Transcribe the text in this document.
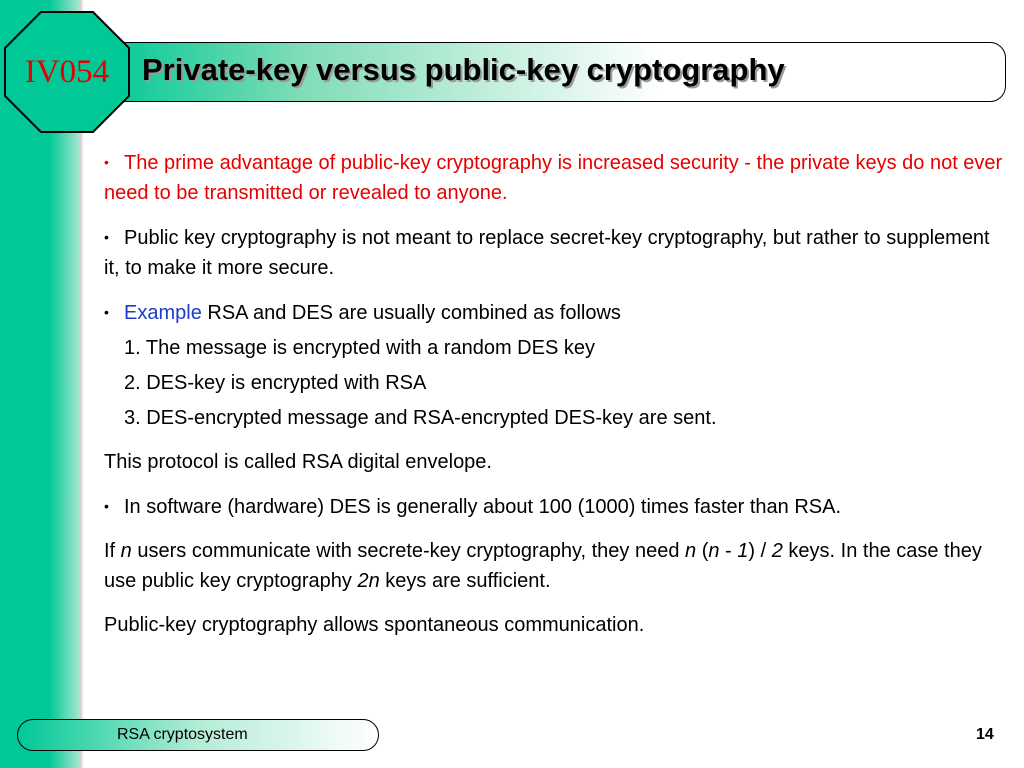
Private-key versus public-key cryptography
IV054
• The prime advantage of public-key cryptography is increased security - the private keys do not ever need to be transmitted or revealed to anyone.
• Public key cryptography is not meant to replace secret-key cryptography, but rather to supplement it, to make it more secure.
• Example RSA and DES are usually combined as follows
1. The message is encrypted with a random DES key
2. DES-key is encrypted with RSA
3. DES-encrypted message and RSA-encrypted DES-key are sent.
This protocol is called RSA digital envelope.
• In software (hardware) DES is generally about 100 (1000) times faster than RSA.
If n users communicate with secrete-key cryptography, they need n (n - 1) / 2 keys. In the case they use public key cryptography 2n keys are sufficient.
Public-key cryptography allows spontaneous communication.
RSA cryptosystem	14
